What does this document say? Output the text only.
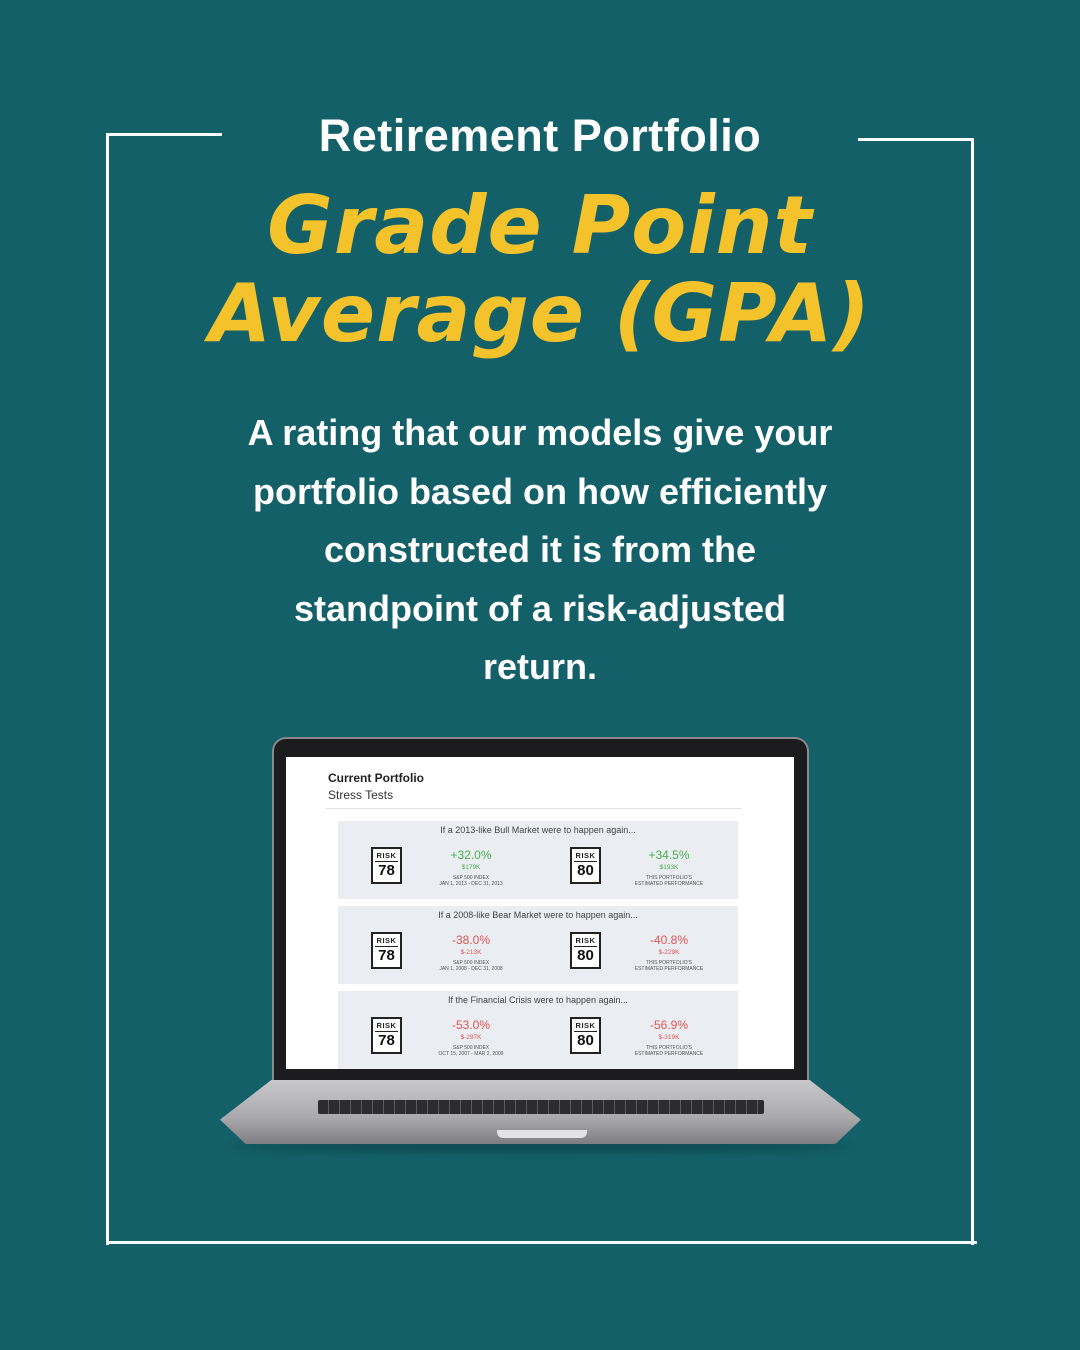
Retirement Portfolio
Grade Point
Average (GPA)
A rating that our models give your
portfolio based on how efficiently
constructed it is from the
standpoint of a risk-adjusted
return.
Current Portfolio
Stress Tests
If a 2013-like Bull Market were to happen again...
RISK
78
+32.0%
$179K
S&P 500 INDEX
JAN 1, 2013 - DEC 31, 2013
RISK
80
+34.5%
$193K
THIS PORTFOLIO'S
ESTIMATED PERFORMANCE
If a 2008-like Bear Market were to happen again...
RISK
78
-38.0%
$-213K
S&P 500 INDEX
JAN 1, 2008 - DEC 31, 2008
RISK
80
-40.8%
$-229K
THIS PORTFOLIO'S
ESTIMATED PERFORMANCE
If the Financial Crisis were to happen again...
RISK
78
-53.0%
$-297K
S&P 500 INDEX
OCT 15, 2007 - MAR 2, 2009
RISK
80
-56.9%
$-319K
THIS PORTFOLIO'S
ESTIMATED PERFORMANCE
